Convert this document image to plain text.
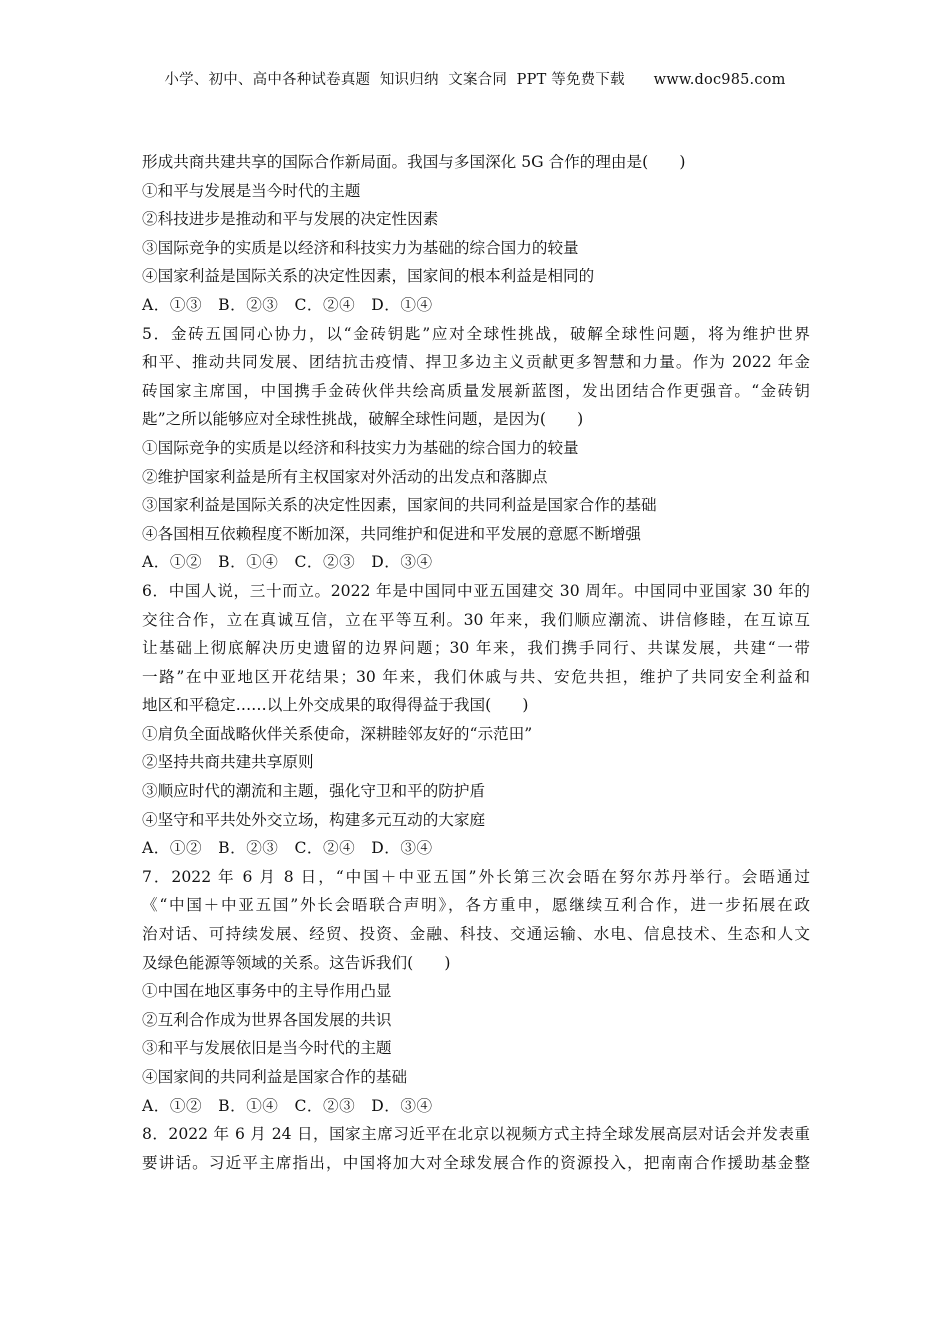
小学、初中、高中各种试卷真题  知识归纳  文案合同  PPT 等免费下载      www.doc985.com
形成共商共建共享的国际合作新局面。我国与多国深化 5G 合作的理由是(　　)
①和平与发展是当今时代的主题
②科技进步是推动和平与发展的决定性因素
③国际竞争的实质是以经济和科技实力为基础的综合国力的较量
④国家利益是国际关系的决定性因素，国家间的根本利益是相同的
A．①③　B．②③　C．②④　D．①④
5．金砖五国同心协力，以“金砖钥匙”应对全球性挑战，破解全球性问题，将为维护世界
和平、推动共同发展、团结抗击疫情、捍卫多边主义贡献更多智慧和力量。作为 2022 年金
砖国家主席国，中国携手金砖伙伴共绘高质量发展新蓝图，发出团结合作更强音。“金砖钥
匙”之所以能够应对全球性挑战，破解全球性问题，是因为(　　)
①国际竞争的实质是以经济和科技实力为基础的综合国力的较量
②维护国家利益是所有主权国家对外活动的出发点和落脚点
③国家利益是国际关系的决定性因素，国家间的共同利益是国家合作的基础
④各国相互依赖程度不断加深，共同维护和促进和平发展的意愿不断增强
A．①②　B．①④　C．②③　D．③④
6．中国人说，三十而立。2022 年是中国同中亚五国建交 30 周年。中国同中亚国家 30 年的
交往合作，立在真诚互信，立在平等互利。30 年来，我们顺应潮流、讲信修睦，在互谅互
让基础上彻底解决历史遗留的边界问题；30 年来，我们携手同行、共谋发展，共建“一带
一路”在中亚地区开花结果；30 年来，我们休戚与共、安危共担，维护了共同安全利益和
地区和平稳定……以上外交成果的取得得益于我国(　　)
①肩负全面战略伙伴关系使命，深耕睦邻友好的“示范田”
②坚持共商共建共享原则
③顺应时代的潮流和主题，强化守卫和平的防护盾
④坚守和平共处外交立场，构建多元互动的大家庭
A．①②　B．②③　C．②④　D．③④
7．2022 年 6 月 8 日，“中国＋中亚五国”外长第三次会晤在努尔苏丹举行。会晤通过
《“中国＋中亚五国”外长会晤联合声明》，各方重申，愿继续互利合作，进一步拓展在政
治对话、可持续发展、经贸、投资、金融、科技、交通运输、水电、信息技术、生态和人文
及绿色能源等领域的关系。这告诉我们(　　)
①中国在地区事务中的主导作用凸显
②互利合作成为世界各国发展的共识
③和平与发展依旧是当今时代的主题
④国家间的共同利益是国家合作的基础
A．①②　B．①④　C．②③　D．③④
8．2022 年 6 月 24 日，国家主席习近平在北京以视频方式主持全球发展高层对话会并发表重
要讲话。习近平主席指出，中国将加大对全球发展合作的资源投入，把南南合作援助基金整
